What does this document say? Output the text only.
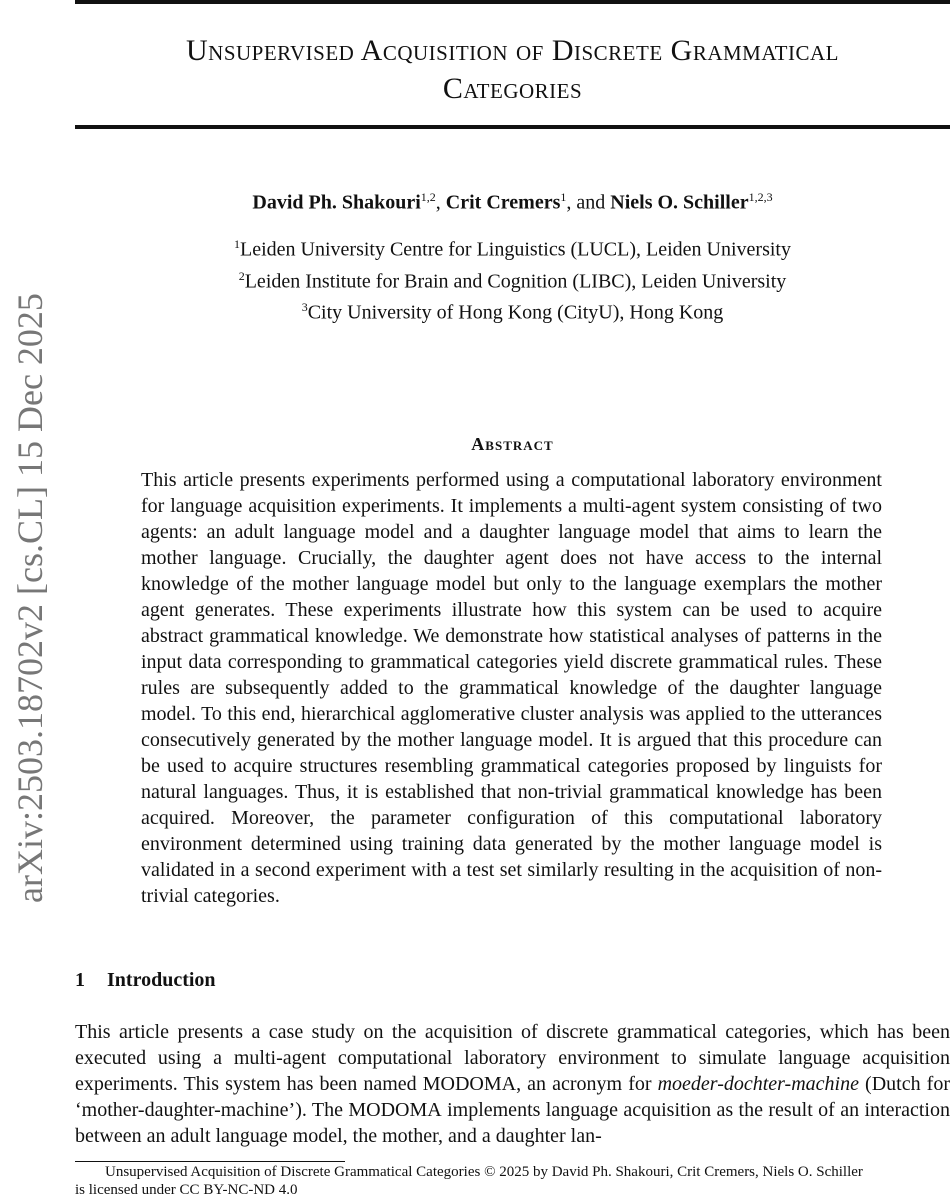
Unsupervised Acquisition of Discrete Grammatical
Categories
arXiv:2503.18702v2 [cs.CL] 15 Dec 2025
David Ph. Shakouri$^{1,2}$, Crit Cremers$^1$, and Niels O. Schiller$^{1,2,3}$
$^1$Leiden University Centre for Linguistics (LUCL), Leiden University
$^2$Leiden Institute for Brain and Cognition (LIBC), Leiden University
$^3$City University of Hong Kong (CityU), Hong Kong
Abstract

This article presents experiments performed using a computational laboratory environment for language acquisition experiments. It implements a multi-agent system consisting of two agents: an adult language model and a daughter language model that aims to learn the mother language. Crucially, the daughter agent does not have access to the internal knowledge of the mother language model but only to the language exemplars the mother agent generates. These experiments illustrate how this system can be used to acquire abstract grammatical knowledge. We demonstrate how statistical analyses of patterns in the input data corresponding to grammatical categories yield discrete grammatical rules. These rules are subsequently added to the grammatical knowledge of the daughter language model. To this end, hierarchical agglomerative cluster analysis was applied to the utterances consecutively generated by the mother language model. It is argued that this procedure can be used to acquire structures resembling grammatical categories proposed by linguists for natural languages. Thus, it is established that non-trivial grammatical knowledge has been acquired. Moreover, the parameter configuration of this computational laboratory environment determined using training data generated by the mother language model is validated in a second experiment with a test set similarly resulting in the acquisition of non-trivial categories.

1 Introduction

This article presents a case study on the acquisition of discrete grammatical categories, which has been executed using a multi-agent computational laboratory environment to simulate language acquisition experiments. This system has been named MODOMA, an acronym for moeder-dochter-machine (Dutch for ‘mother-daughter-machine’). The MODOMA implements language acquisition as the result of an interaction between an adult language model, the mother, and a daughter lan-

Unsupervised Acquisition of Discrete Grammatical Categories © 2025 by David Ph. Shakouri, Crit Cremers, Niels O. Schiller
is licensed under CC BY-NC-ND 4.0
